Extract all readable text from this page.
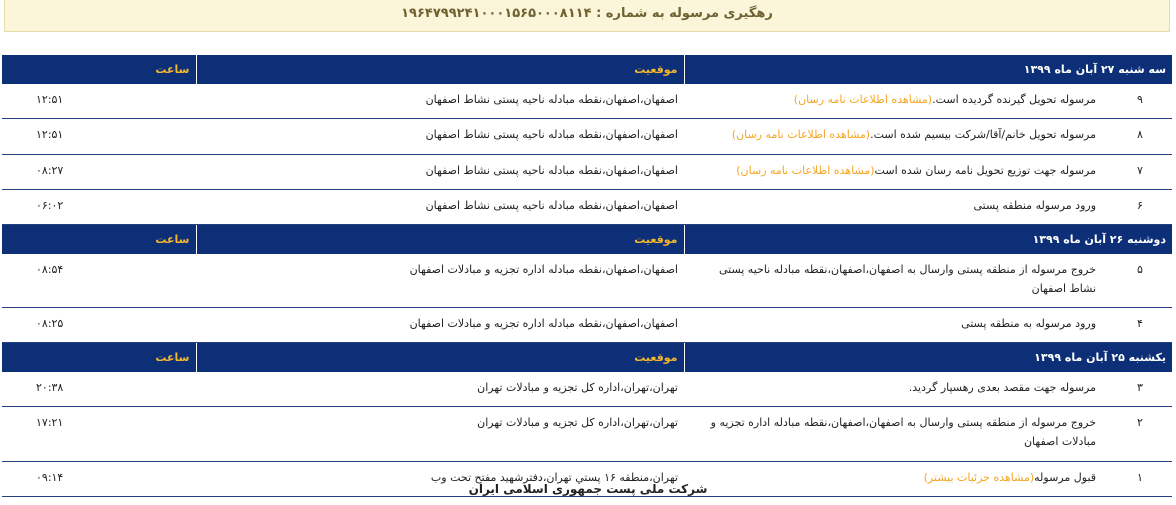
رهگیری مرسوله به شماره : ۱۹۶۴۷۹۹۲۴۱۰۰۰۱۵۶۵۰۰۰۸۱۱۴
سه شنبه ۲۷ آبان ماه ۱۳۹۹		موقعیت	ساعت
۹	مرسوله تحویل گیرنده گردیده است.(مشاهده اطلاعات نامه رسان)	اصفهان،اصفهان،نقطه مبادله ناحیه پستی نشاط اصفهان	۱۲:۵۱
۸	مرسوله تحویل خانم/آقا/شرکت بیسیم شده است.(مشاهده اطلاعات نامه رسان)	اصفهان،اصفهان،نقطه مبادله ناحیه پستی نشاط اصفهان	۱۲:۵۱
۷	مرسوله جهت توزیع تحویل نامه رسان شده است(مشاهده اطلاعات نامه رسان)	اصفهان،اصفهان،نقطه مبادله ناحیه پستی نشاط اصفهان	۰۸:۲۷
۶	ورود مرسوله منطقه پستی	اصفهان،اصفهان،نقطه مبادله ناحیه پستی نشاط اصفهان	۰۶:۰۲
دوشنبه ۲۶ آبان ماه ۱۳۹۹		موقعیت	ساعت
۵	خروج مرسوله از منطقه پستی وارسال به اصفهان،اصفهان،نقطه مبادله ناحیه پستی نشاط اصفهان	اصفهان،اصفهان،نقطه مبادله اداره تجزیه و مبادلات اصفهان	۰۸:۵۴
۴	ورود مرسوله به منطقه پستی	اصفهان،اصفهان،نقطه مبادله اداره تجزیه و مبادلات اصفهان	۰۸:۲۵
یکشنبه ۲۵ آبان ماه ۱۳۹۹		موقعیت	ساعت
۳	مرسوله جهت مقصد بعدی رهسپار گردید.	تهران،تهران،اداره کل تجزیه و مبادلات تهران	۲۰:۳۸
۲	خروج مرسوله از منطقه پستی وارسال به اصفهان،اصفهان،نقطه مبادله اداره تجزیه و مبادلات اصفهان	تهران،تهران،اداره کل تجزیه و مبادلات تهران	۱۷:۲۱
۱	قبول مرسوله(مشاهده جزئیات بیشتر)	تهران،منطقه ۱۶ پستي تهران،دفترشهید مفتح تحت وب	۰۹:۱۴
شرکت ملی پست جمهوری اسلامی ایران
